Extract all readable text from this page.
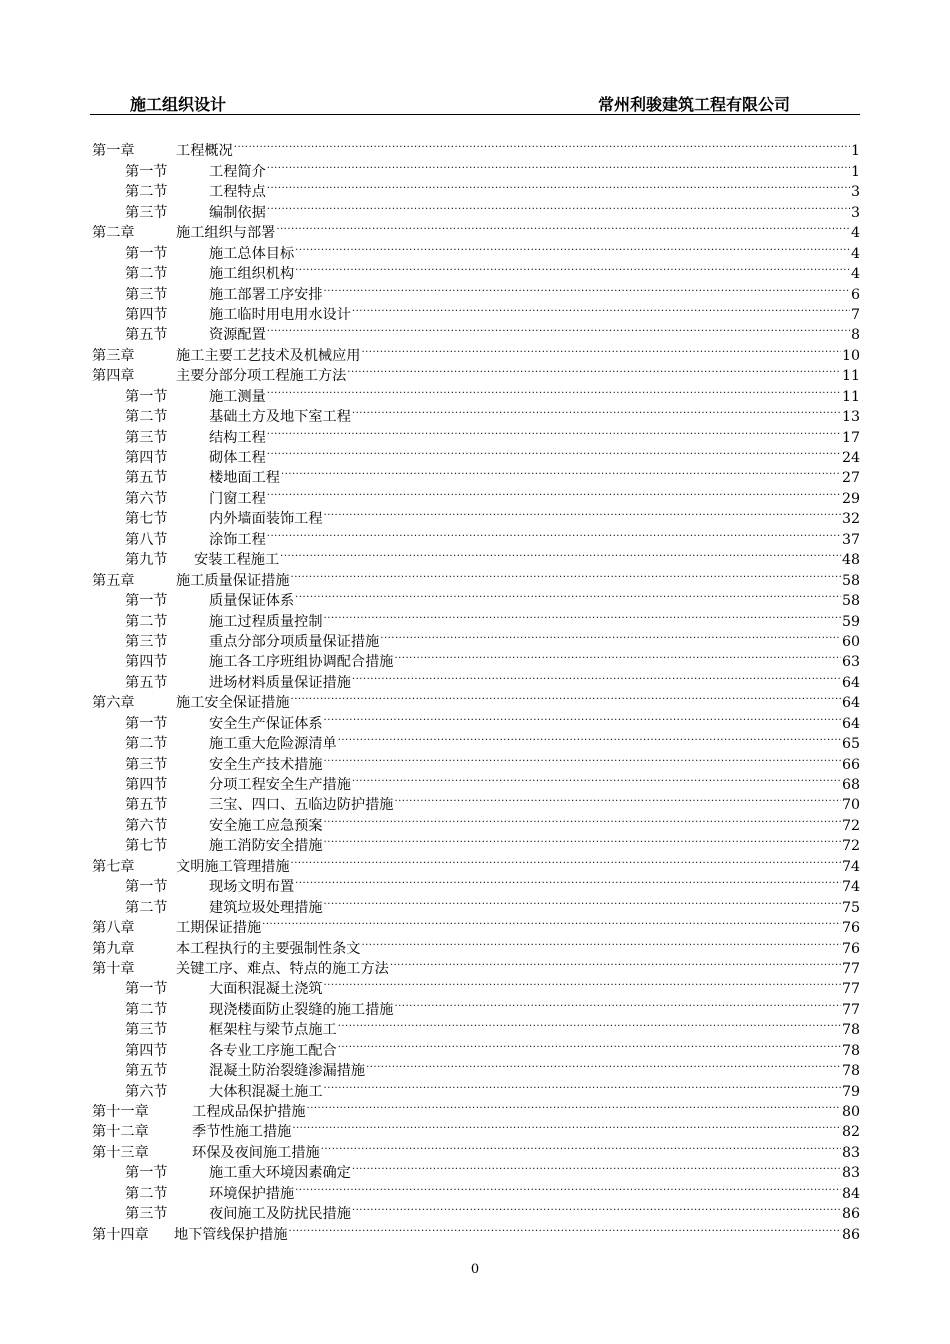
施工组织设计	常州利骏建筑工程有限公司
第一章	工程概况 .....	1
第一节	工程简介 .....	1
第二节	工程特点 .....	3
第三节	编制依据 .....	3
第二章	施工组织与部署 .....	4
第一节	施工总体目标 .....	4
第二节	施工组织机构 .....	4
第三节	施工部署工序安排 .....	6
第四节	施工临时用电用水设计 .....	7
第五节	资源配置 .....	8
第三章	施工主要工艺技术及机械应用 .....	10
第四章	主要分部分项工程施工方法 .....	11
第一节	施工测量 .....	11
第二节	基础土方及地下室工程 .....	13
第三节	结构工程 .....	17
第四节	砌体工程 .....	24
第五节	楼地面工程 .....	27
第六节	门窗工程 .....	29
第七节	内外墙面装饰工程 .....	32
第八节	涂饰工程 .....	37
第九节	安装工程施工 .....	48
第五章	施工质量保证措施 .....	58
第一节	质量保证体系 .....	58
第二节	施工过程质量控制 .....	59
第三节	重点分部分项质量保证措施 .....	60
第四节	施工各工序班组协调配合措施 .....	63
第五节	进场材料质量保证措施 .....	64
第六章	施工安全保证措施 .....	64
第一节	安全生产保证体系 .....	64
第二节	施工重大危险源清单 .....	65
第三节	安全生产技术措施 .....	66
第四节	分项工程安全生产措施 .....	68
第五节	三宝、四口、五临边防护措施 .....	70
第六节	安全施工应急预案 .....	72
第七节	施工消防安全措施 .....	72
第七章	文明施工管理措施 .....	74
第一节	现场文明布置 .....	74
第二节	建筑垃圾处理措施 .....	75
第八章	工期保证措施 .....	76
第九章	本工程执行的主要强制性条文 .....	76
第十章	关键工序、难点、特点的施工方法 .....	77
第一节	大面积混凝土浇筑 .....	77
第二节	现浇楼面防止裂缝的施工措施 .....	77
第三节	框架柱与梁节点施工 .....	78
第四节	各专业工序施工配合 .....	78
第五节	混凝土防治裂缝渗漏措施 .....	78
第六节	大体积混凝土施工 .....	79
第十一章	工程成品保护措施 .....	80
第十二章	季节性施工措施 .....	82
第十三章	环保及夜间施工措施 .....	83
第一节	施工重大环境因素确定 .....	83
第二节	环境保护措施 .....	84
第三节	夜间施工及防扰民措施 .....	86
第十四章	地下管线保护措施 .....	86
0
